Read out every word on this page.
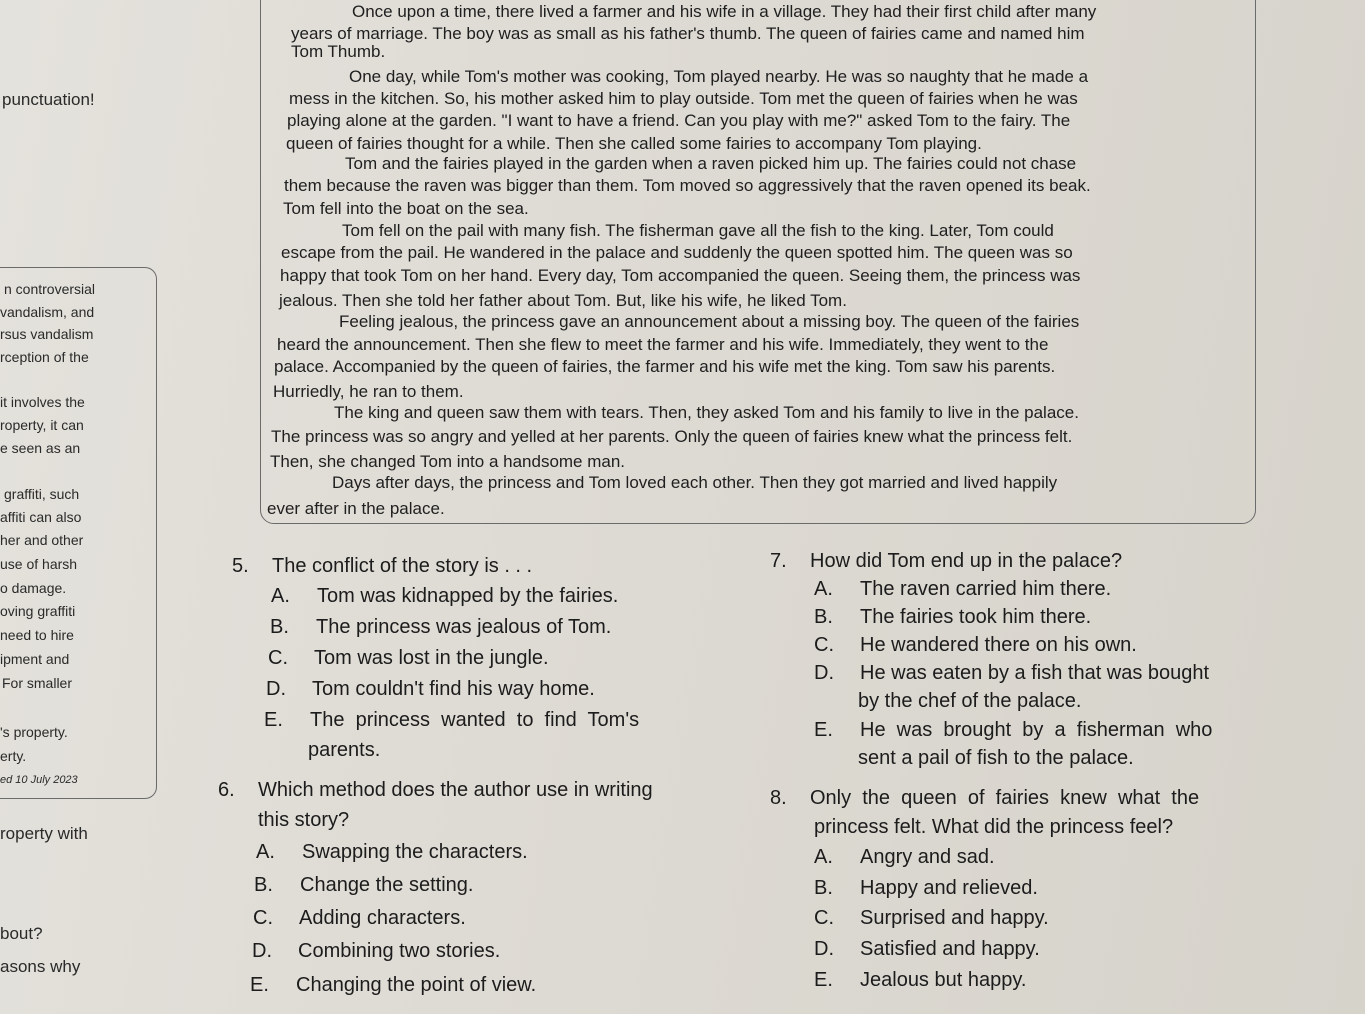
punctuation!
n controversial
vandalism, and
rsus vandalism
rception of the
it involves the
roperty, it can
e seen as an
graffiti, such
affiti can also
her and other
use of harsh
o damage.
oving graffiti
need to hire
ipment and
For smaller
's property.
erty.
ed 10 July 2023
roperty with
bout?
asons why
Once upon a time, there lived a farmer and his wife in a village. They had their first child after many
years of marriage. The boy was as small as his father's thumb. The queen of fairies came and named him
Tom Thumb.
One day, while Tom's mother was cooking, Tom played nearby. He was so naughty that he made a
mess in the kitchen. So, his mother asked him to play outside. Tom met the queen of fairies when he was
playing alone at the garden. "I want to have a friend. Can you play with me?" asked Tom to the fairy. The
queen of fairies thought for a while. Then she called some fairies to accompany Tom playing.
Tom and the fairies played in the garden when a raven picked him up. The fairies could not chase
them because the raven was bigger than them. Tom moved so aggressively that the raven opened its beak.
Tom fell into the boat on the sea.
Tom fell on the pail with many fish. The fisherman gave all the fish to the king. Later, Tom could
escape from the pail. He wandered in the palace and suddenly the queen spotted him. The queen was so
happy that took Tom on her hand. Every day, Tom accompanied the queen. Seeing them, the princess was
jealous. Then she told her father about Tom. But, like his wife, he liked Tom.
Feeling jealous, the princess gave an announcement about a missing boy. The queen of the fairies
heard the announcement. Then she flew to meet the farmer and his wife. Immediately, they went to the
palace. Accompanied by the queen of fairies, the farmer and his wife met the king. Tom saw his parents.
Hurriedly, he ran to them.
The king and queen saw them with tears. Then, they asked Tom and his family to live in the palace.
The princess was so angry and yelled at her parents. Only the queen of fairies knew what the princess felt.
Then, she changed Tom into a handsome man.
Days after days, the princess and Tom loved each other. Then they got married and lived happily
ever after in the palace.
5. The conflict of the story is . . .
A. Tom was kidnapped by the fairies.
B. The princess was jealous of Tom.
C. Tom was lost in the jungle.
D. Tom couldn't find his way home.
E. The  princess  wanted  to  find  Tom's
parents.
6. Which method does the author use in writing
this story?
A. Swapping the characters.
B. Change the setting.
C. Adding characters.
D. Combining two stories.
E. Changing the point of view.
7. How did Tom end up in the palace?
A. The raven carried him there.
B. The fairies took him there.
C. He wandered there on his own.
D. He was eaten by a fish that was bought
by the chef of the palace.
E. He  was  brought  by  a  fisherman  who
sent a pail of fish to the palace.
8. Only  the  queen  of  fairies  knew  what  the
princess felt. What did the princess feel?
A. Angry and sad.
B. Happy and relieved.
C. Surprised and happy.
D. Satisfied and happy.
E. Jealous but happy.
